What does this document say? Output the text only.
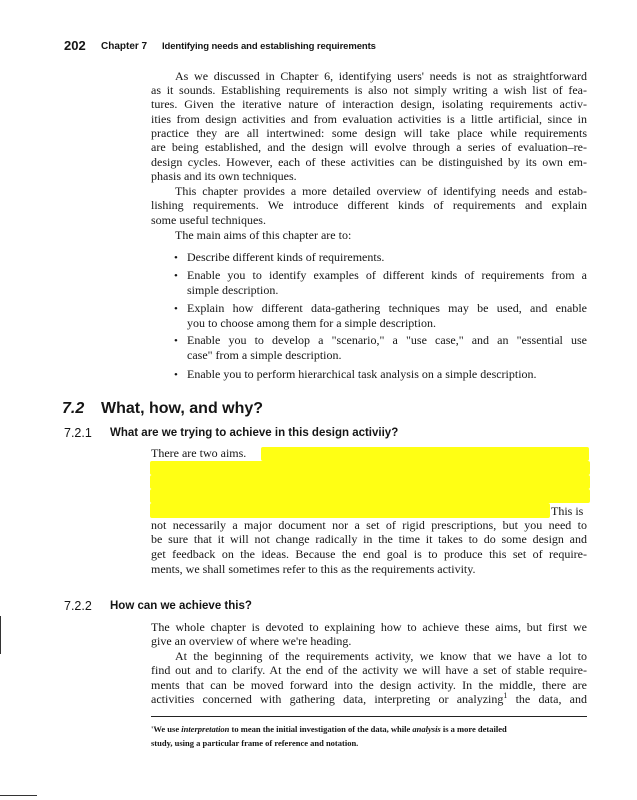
202 Chapter 7 Identifying needs and establishing requirements
As we discussed in Chapter 6, identifying users' needs is not as straightforward
as it sounds. Establishing requirements is also not simply writing a wish list of fea-
tures. Given the iterative nature of interaction design, isolating requirements activ-
ities from design activities and from evaluation activities is a little artificial, since in
practice they are all intertwined: some design will take place while requirements
are being established, and the design will evolve through a series of evaluation–re-
design cycles. However, each of these activities can be distinguished by its own em-
phasis and its own techniques.
This chapter provides a more detailed overview of identifying needs and estab-
lishing requirements. We introduce different kinds of requirements and explain
some useful techniques.
The main aims of this chapter are to:
• Describe different kinds of requirements.
• Enable you to identify examples of different kinds of requirements from a
simple description.
• Explain how different data-gathering techniques may be used, and enable
you to choose among them for a simple description.
• Enable you to develop a "scenario," a "use case," and an "essential use
case" from a simple description.
• Enable you to perform hierarchical task analysis on a simple description.
7.2 What, how, and why?
7.2.1 What are we trying to achieve in this design activiiy?
There are two aims.
This is
not necessarily a major document nor a set of rigid prescriptions, but you need to
be sure that it will not change radically in the time it takes to do some design and
get feedback on the ideas. Because the end goal is to produce this set of require-
ments, we shall sometimes refer to this as the requirements activity.
7.2.2 How can we achieve this?
The whole chapter is devoted to explaining how to achieve these aims, but first we
give an overview of where we're heading.
At the beginning of the requirements activity, we know that we have a lot to
find out and to clarify. At the end of the activity we will have a set of stable require-
ments that can be moved forward into the design activity. In the middle, there are
activities concerned with gathering data, interpreting or analyzing$^1$ the data, and
'We use interpretation to mean the initial investigation of the data, while analysis is a more detailed
study, using a particular frame of reference and notation.
